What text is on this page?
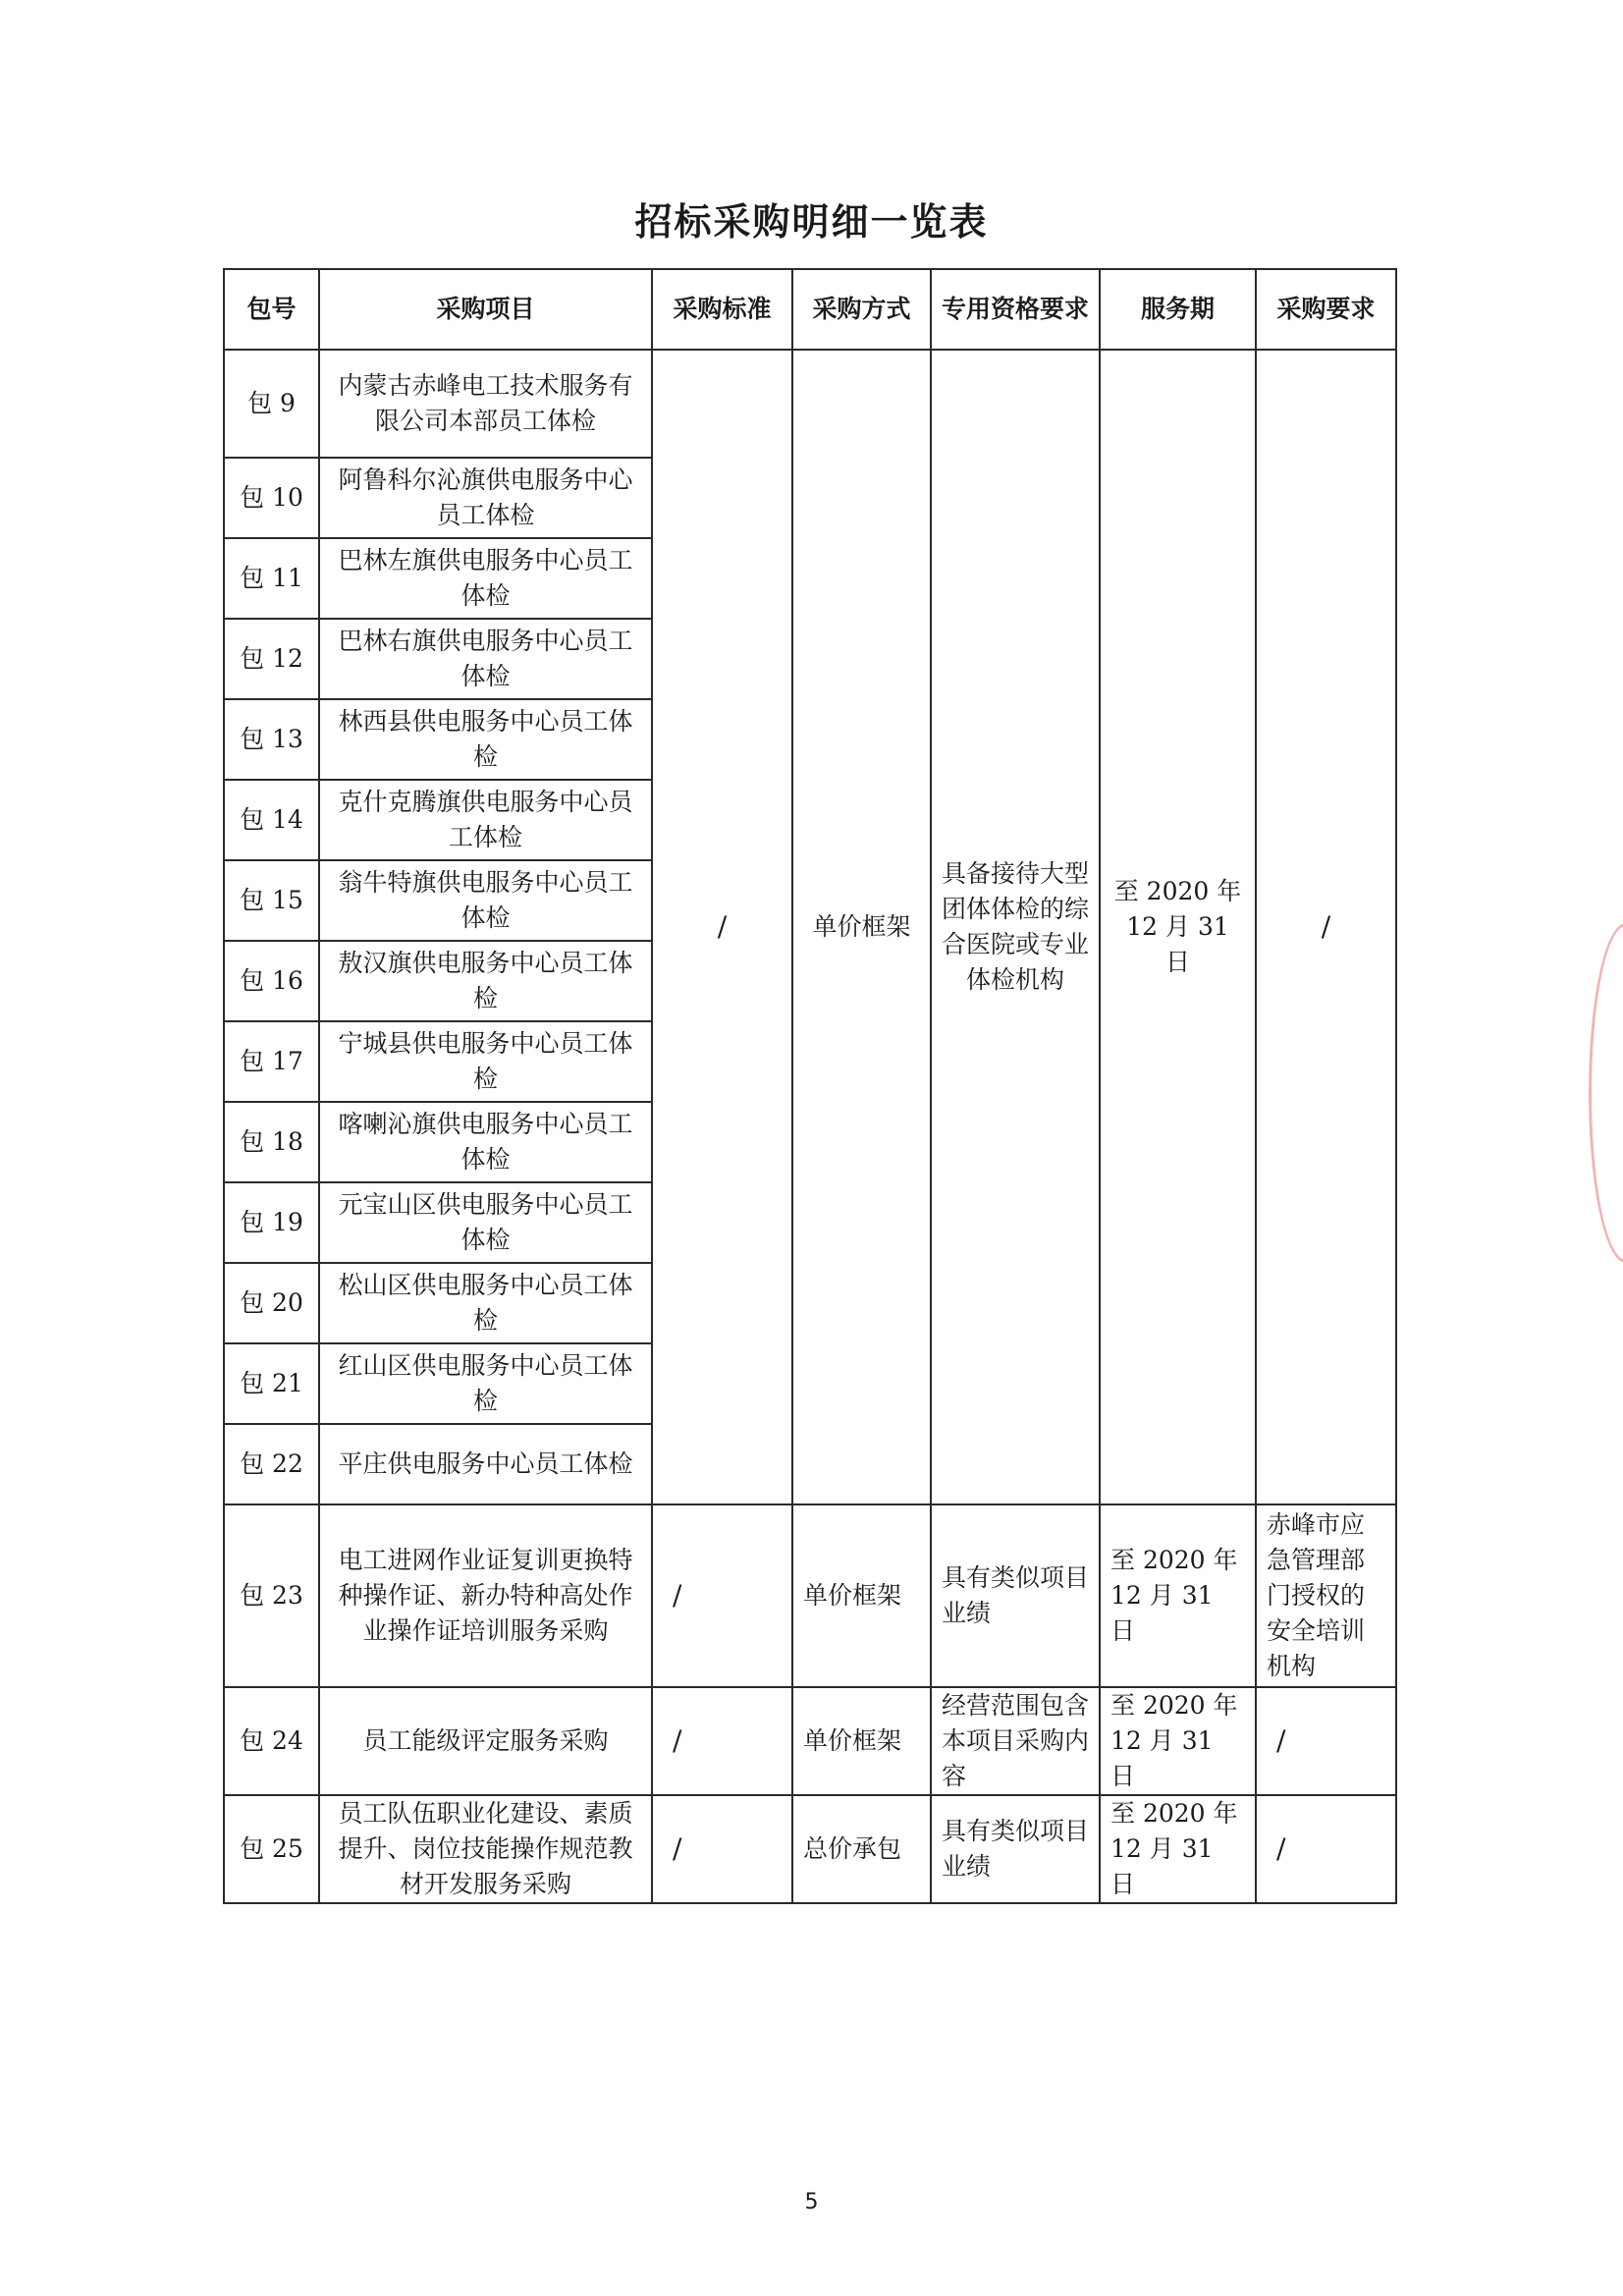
招标采购明细一览表
包号	采购项目	采购标准	采购方式	专用资格要求	服务期	采购要求
包 9	内蒙古赤峰电工技术服务有限公司本部员工体检	/	单价框架	具备接待大型团体体检的综合医院或专业体检机构	至 2020 年 12 月 31 日	/
包 10	阿鲁科尔沁旗供电服务中心员工体检					
包 11	巴林左旗供电服务中心员工体检					
包 12	巴林右旗供电服务中心员工体检					
包 13	林西县供电服务中心员工体检					
包 14	克什克腾旗供电服务中心员工体检					
包 15	翁牛特旗供电服务中心员工体检					
包 16	敖汉旗供电服务中心员工体检					
包 17	宁城县供电服务中心员工体检					
包 18	喀喇沁旗供电服务中心员工体检					
包 19	元宝山区供电服务中心员工体检					
包 20	松山区供电服务中心员工体检					
包 21	红山区供电服务中心员工体检					
包 22	平庄供电服务中心员工体检					
包 23	电工进网作业证复训更换特种操作证、新办特种高处作业操作证培训服务采购	/	单价框架	具有类似项目业绩	至 2020 年 12 月 31 日	赤峰市应急管理部门授权的安全培训机构
包 24	员工能级评定服务采购	/	单价框架	经营范围包含本项目采购内容	至 2020 年 12 月 31 日	/
包 25	员工队伍职业化建设、素质提升、岗位技能操作规范教材开发服务采购	/	总价承包	具有类似项目业绩	至 2020 年 12 月 31 日	/
5
